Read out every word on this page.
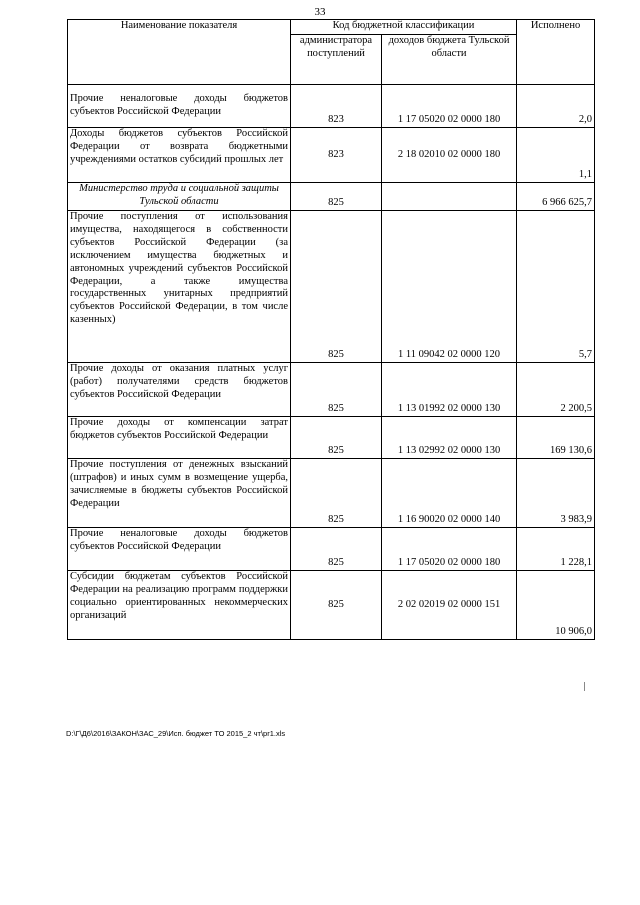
33
Наименование показателя	Код бюджетной классификации		Исполнено
	администратора поступлений	доходов бюджета Тульской области	
Прочие неналоговые доходы бюджетов субъектов Российской Федерации	823	1 17 05020 02 0000 180	2,0
Доходы бюджетов субъектов Российской Федерации от возврата бюджетными учреждениями остатков субсидий прошлых лет	823	2 18 02010 02 0000 180	1,1
Министерство труда и социальной защиты Тульской области	825		6 966 625,7
Прочие поступления от использования имущества, находящегося в собственности субъектов Российской Федерации (за исключением имущества бюджетных и автономных учреждений субъектов Российской Федерации, а также имущества государственных унитарных предприятий субъектов Российской Федерации, в том числе казенных)	825	1 11 09042 02 0000 120	5,7
Прочие доходы от оказания платных услуг (работ) получателями средств бюджетов субъектов Российской Федерации	825	1 13 01992 02 0000 130	2 200,5
Прочие доходы от компенсации затрат бюджетов субъектов Российской Федерации	825	1 13 02992 02 0000 130	169 130,6
Прочие поступления от денежных взысканий (штрафов) и иных сумм в возмещение ущерба, зачисляемые в бюджеты субъектов Российской Федерации	825	1 16 90020 02 0000 140	3 983,9
Прочие неналоговые доходы бюджетов субъектов Российской Федерации	825	1 17 05020 02 0000 180	1 228,1
Субсидии бюджетам субъектов Российской Федерации на реализацию программ поддержки социально ориентированных некоммерческих организаций	825	2 02 02019 02 0000 151	10 906,0
D:\Г\Д6\2016\ЗАКОН\ЗАС_29\Исп. бюджет ТО 2015_2 чт\pr1.xls
